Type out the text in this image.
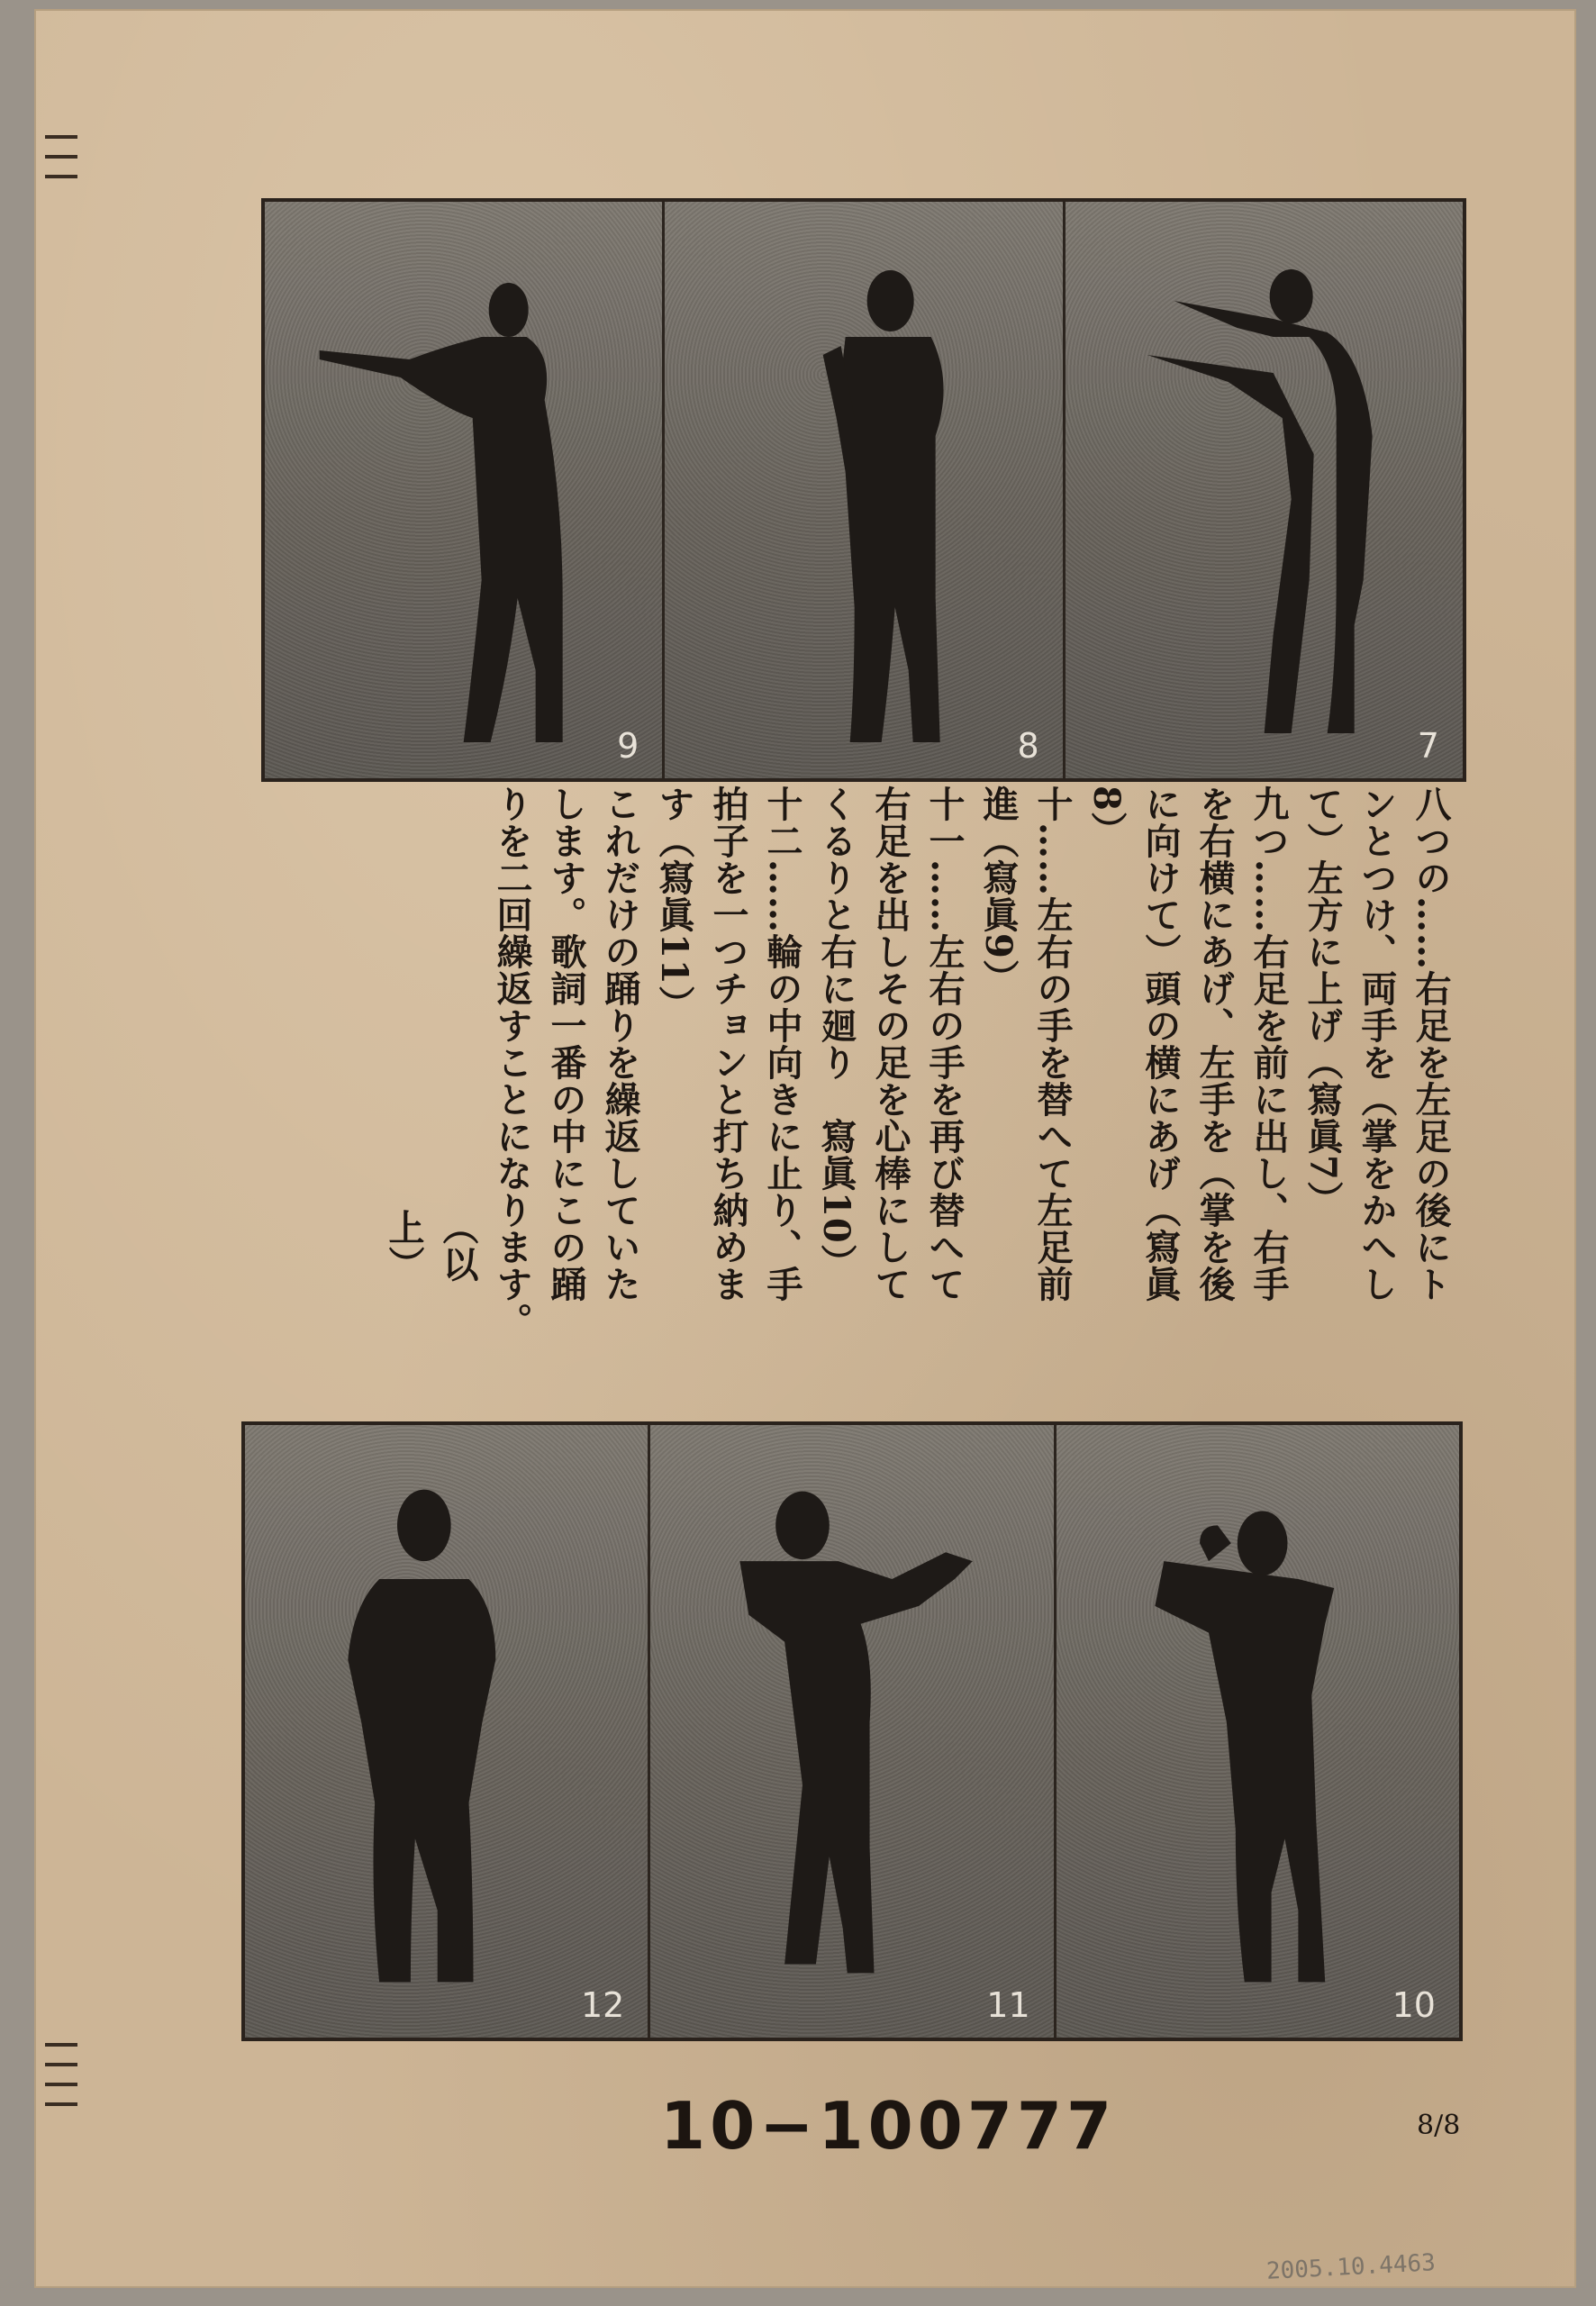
9	8	7

八つの……右足を左足の後にト

ンとつけ、両手を（掌をかへし

て）左方に上げ（寫眞7）

九つ……右足を前に出し、右手

を右横にあげ、左手を（掌を後

に向けて）頭の横にあげ（寫眞

8）

十……左右の手を替へて左足前

進（寫眞9）

十一……左右の手を再び替へて

右足を出しその足を心棒にして

くるりと右に廻り　寫眞10）

十二……輪の中向きに止り、手

拍子を一つチョンと打ち納めま

す（寫眞11）

これだけの踊りを繰返していた

します。歌詞一番の中にこの踊

りを二回繰返すことになります。

（以　上）

12	11	10
10−100777	8/8
2005.10.4463
